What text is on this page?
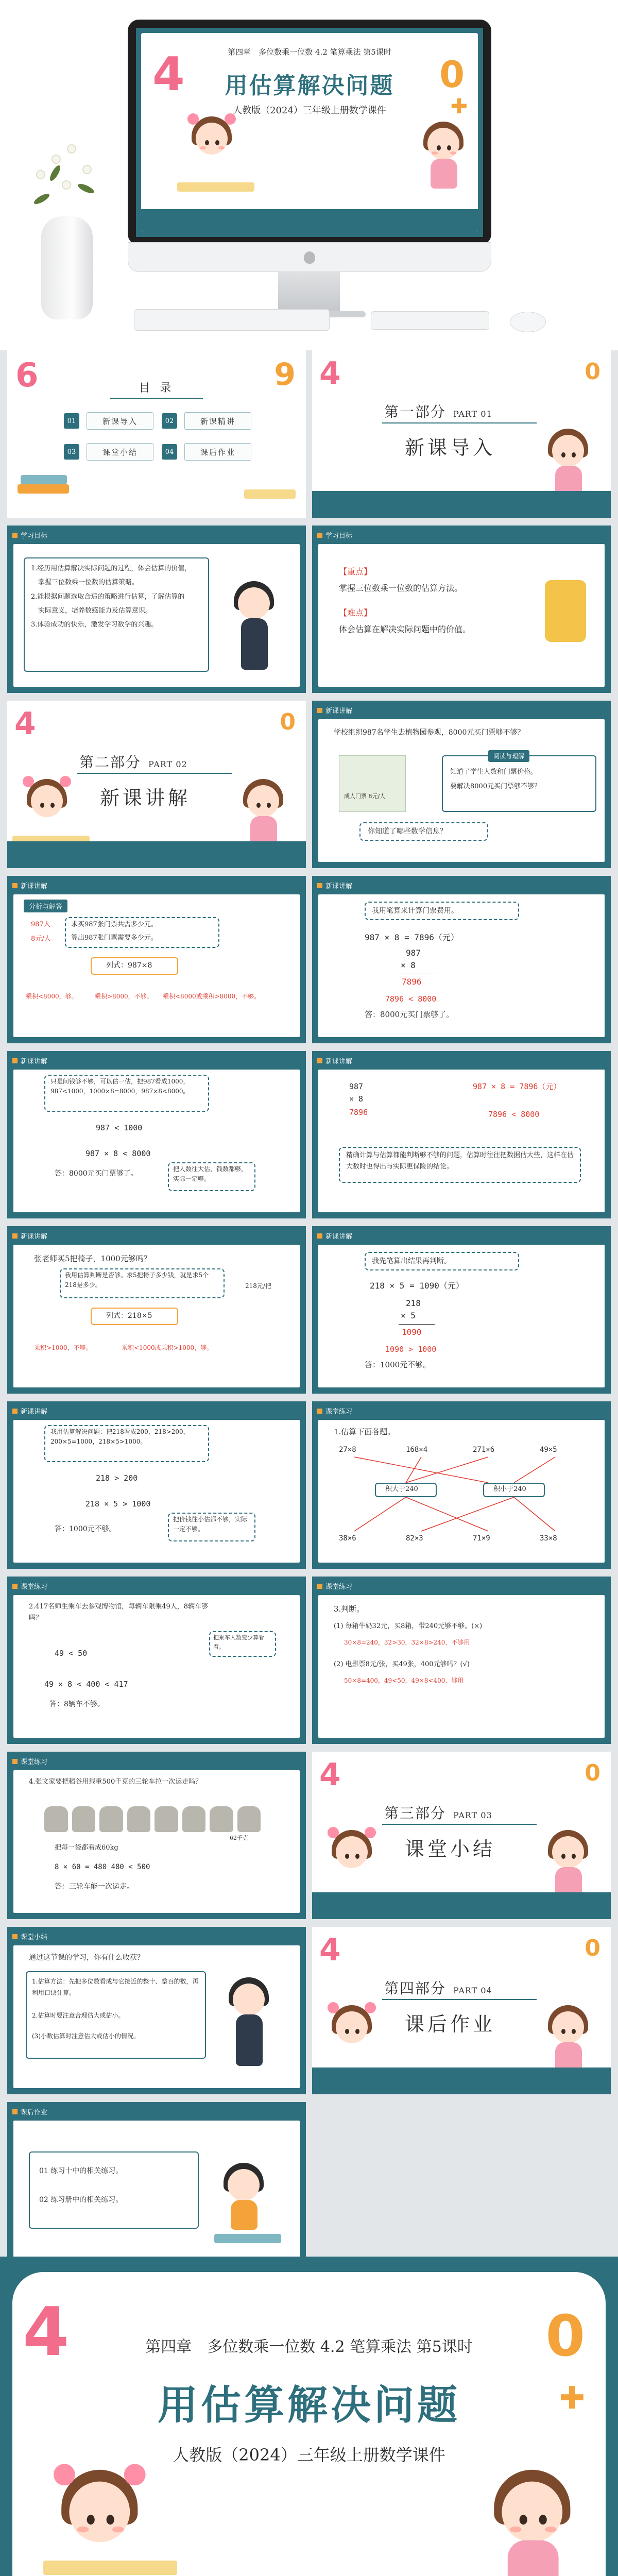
4	0
✚
第四章　多位数乘一位数 4.2 笔算乘法 第5课时
用估算解决问题
人教版（2024）三年级上册数学课件
6	9
目 录
01	新课导入	02	新课精讲
03	课堂小结	04	课后作业
4	0
第一部分 PART 01
新课导入
学习目标
1.经历用估算解决实际问题的过程，体会估算的价值，
掌握三位数乘一位数的估算策略。
2.能根据问题选取合适的策略进行估算，了解估算的
实际意义，培养数感能力及估算意识。
3.体验成功的快乐，激发学习数学的兴趣。
学习目标
【重点】
掌握三位数乘一位数的估算方法。
【难点】
体会估算在解决实际问题中的价值。
4	0
第二部分 PART 02
新课讲解
新课讲解
学校组织987名学生去植物园参观，8000元买门票够不够？
成人门票 8元/人
阅读与理解
知道了学生人数和门票价格。
要解决8000元买门票够不够？
你知道了哪些数学信息？
新课讲解
分析与解答
987人
8元/人
求买987张门票共需多少元。
算出987张门票需要多少元。
列式：987×8
乘积<8000，够。	乘积>8000，不够。 乘积<8000或乘积>8000，不够。
新课讲解
我用笔算来计算门票费用。
987 × 8 = 7896（元）
987
× 8
7896
7896 < 8000
答：8000元买门票够了。
新课讲解
只是问钱够不够，可以估一估，把987看成1000，987<1000，1000×8=8000，987×8<8000。
987 < 1000
987 × 8 < 8000
答：8000元买门票够了。
把人数往大估，钱数都够，实际一定够。
新课讲解
987
× 8
7896
987 × 8 = 7896（元）
7896 < 8000
精确计算与估算都能判断够不够的问题，估算时往往把数据估大些，这样在估大数时也得出与实际更保险的结论。
新课讲解
张老师买5把椅子，1000元够吗？
我用估算判断是否够。求5把椅子多少钱，就是求5个218是多少。	218元/把
列式：218×5
乘积>1000，不够。	乘积<1000或乘积>1000，够。
新课讲解
我先笔算出结果再判断。
218 × 5 = 1090（元）
218
× 5
1090
1090 > 1000
答：1000元不够。
新课讲解
我用估算解决问题：把218看成200，218>200，200×5=1000，218×5>1000。
218 > 200
218 × 5 > 1000
答：1000元不够。
把价钱往小估都不够，实际一定不够。
课堂练习
1.估算下面各题。
27×8	168×4	271×6	49×5
积大于240	积小于240
38×6	82×3	71×9	33×8
课堂练习
2.417名师生乘车去参观博物馆，每辆车限乘49人，8辆车够吗？
把乘车人数变少算看看。
49 < 50
49 × 8 < 400 < 417
答：8辆车不够。
课堂练习
3.判断。
(1) 每箱牛奶32元，买8箱，带240元够不够。(×)
30×8=240，32>30，32×8>240，不够用
(2) 电影票8元/张，买49张，400元够吗？(√)
50×8=400，49<50，49×8<400，够用
课堂练习
4.张文家要把稻谷用载重500千克的三轮车拉一次运走吗？
62千克
把每一袋都看成60kg
8 × 60 = 480 480 < 500
答：三轮车能一次运走。
4	0
第三部分 PART 03
课堂小结
课堂小结
通过这节课的学习，你有什么收获？
1.估算方法：先把多位数看成与它接近的整十、整百的数，再利用口诀计算。
2.估算时要注意合理估大或估小。
(3)小数估算时注意估大或估小的情况。
4	0
第四部分 PART 04
课后作业
课后作业
01 练习十中的相关练习。
02 练习册中的相关练习。
4	0
✚
第四章　多位数乘一位数 4.2 笔算乘法 第5课时
用估算解决问题
人教版（2024）三年级上册数学课件
